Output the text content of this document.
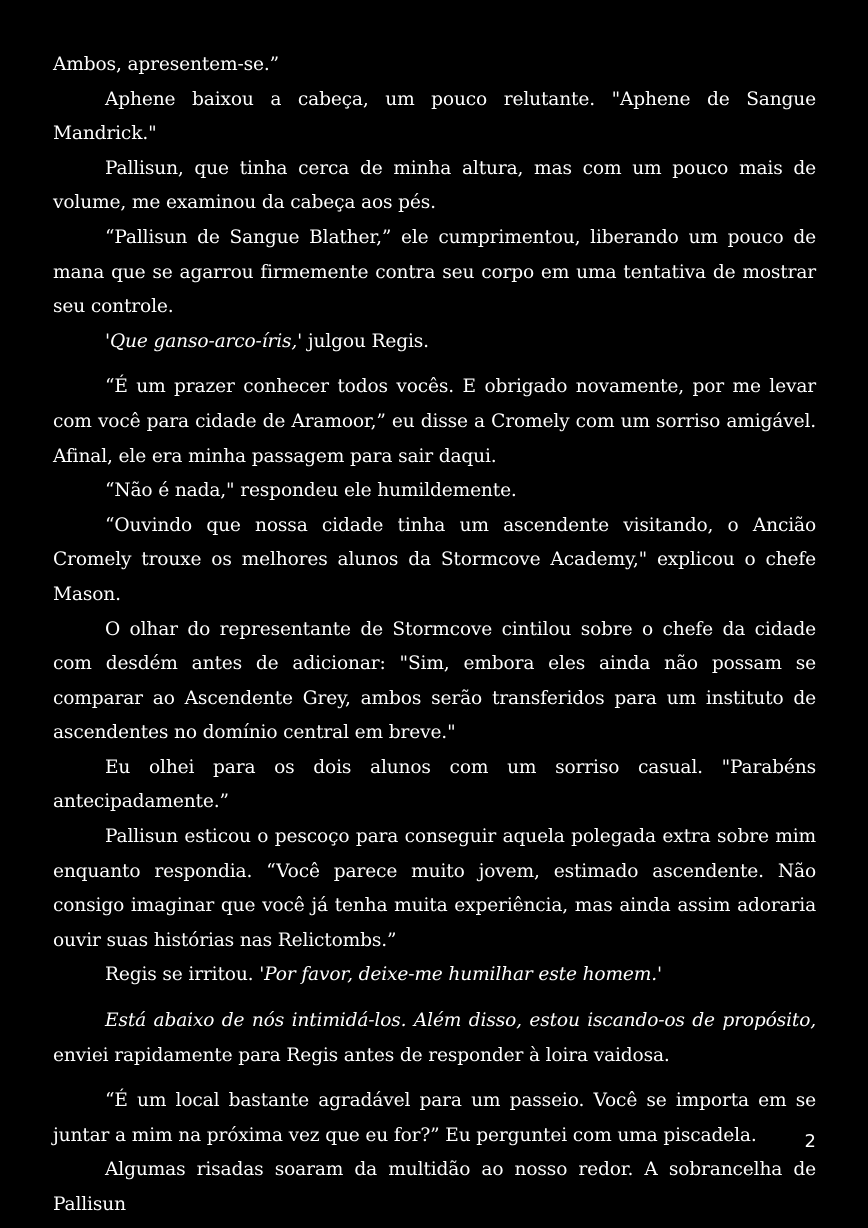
Ambos, apresentem-se.”

Aphene baixou a cabeça, um pouco relutante. "Aphene de Sangue Mandrick."

Pallisun, que tinha cerca de minha altura, mas com um pouco mais de volume, me examinou da cabeça aos pés.

“Pallisun de Sangue Blather,” ele cumprimentou, liberando um pouco de mana que se agarrou firmemente contra seu corpo em uma tentativa de mostrar seu controle.

'Que ganso-arco-íris,' julgou Regis.

“É um prazer conhecer todos vocês. E obrigado novamente, por me levar com você para cidade de Aramoor,” eu disse a Cromely com um sorriso amigável. Afinal, ele era minha passagem para sair daqui.

“Não é nada," respondeu ele humildemente.

“Ouvindo que nossa cidade tinha um ascendente visitando, o Ancião Cromely trouxe os melhores alunos da Stormcove Academy," explicou o chefe Mason.

O olhar do representante de Stormcove cintilou sobre o chefe da cidade com desdém antes de adicionar: "Sim, embora eles ainda não possam se comparar ao Ascendente Grey, ambos serão transferidos para um instituto de ascendentes no domínio central em breve."

Eu olhei para os dois alunos com um sorriso casual. "Parabéns antecipadamente.”

Pallisun esticou o pescoço para conseguir aquela polegada extra sobre mim enquanto respondia. “Você parece muito jovem, estimado ascendente. Não consigo imaginar que você já tenha muita experiência, mas ainda assim adoraria ouvir suas histórias nas Relictombs.”

Regis se irritou. 'Por favor, deixe-me humilhar este homem.'

Está abaixo de nós intimidá-los. Além disso, estou iscando-os de propósito, enviei rapidamente para Regis antes de responder à loira vaidosa.

“É um local bastante agradável para um passeio. Você se importa em se juntar a mim na próxima vez que eu for?” Eu perguntei com uma piscadela.

Algumas risadas soaram da multidão ao nosso redor. A sobrancelha de Pallisun

2
